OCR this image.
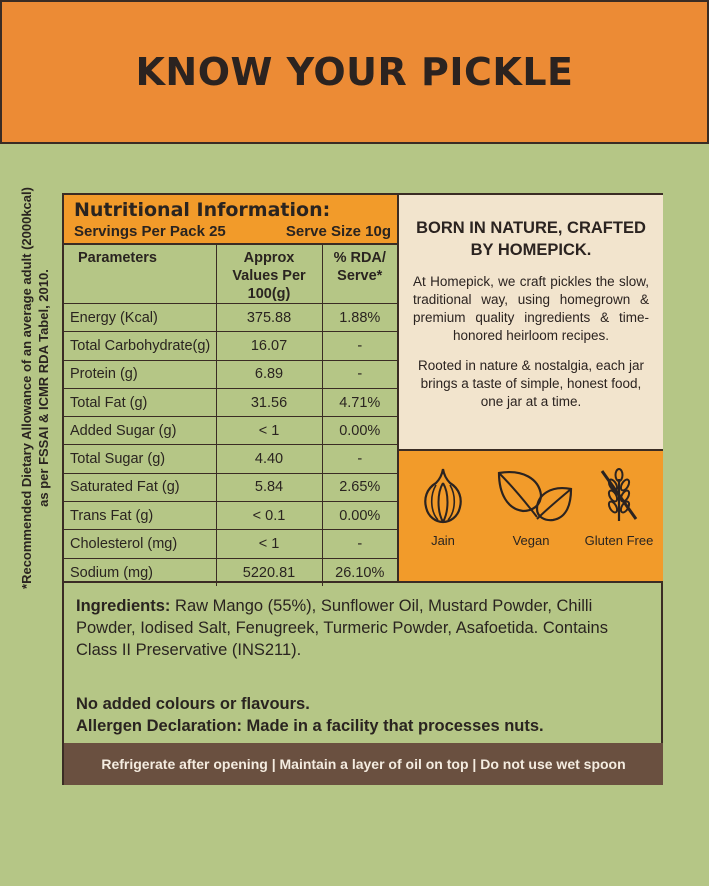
KNOW YOUR PICKLE
*Recommended Dietary Allowance of an average adult (2000kcal) as per FSSAI & ICMR RDA Tabel, 2010.
Nutritional Information:
Servings Per Pack 25	Serve Size 10g
Parameters	Approx Values Per 100(g)	% RDA/ Serve*
Energy (Kcal)	375.88	1.88%
Total Carbohydrate(g)	16.07	-
Protein (g)	6.89	-
Total Fat (g)	31.56	4.71%
Added Sugar (g)	< 1	0.00%
Total Sugar (g)	4.40	-
Saturated Fat (g)	5.84	2.65%
Trans Fat (g)	< 0.1	0.00%
Cholesterol (mg)	< 1	-
Sodium (mg)	5220.81	26.10%
BORN IN NATURE, CRAFTED BY HOMEPICK.

At Homepick, we craft pickles the slow, traditional way, using homegrown & premium quality ingredients & time-honored heirloom recipes.

Rooted in nature & nostalgia, each jar brings a taste of simple, honest food, one jar at a time.

Jain	Vegan	Gluten Free
Ingredients: Raw Mango (55%), Sunflower Oil, Mustard Powder, Chilli Powder, Iodised Salt, Fenugreek, Turmeric Powder, Asafoetida. Contains Class II Preservative (INS211).
No added colours or flavours.
Allergen Declaration: Made in a facility that processes nuts.
Refrigerate after opening | Maintain a layer of oil on top | Do not use wet spoon
